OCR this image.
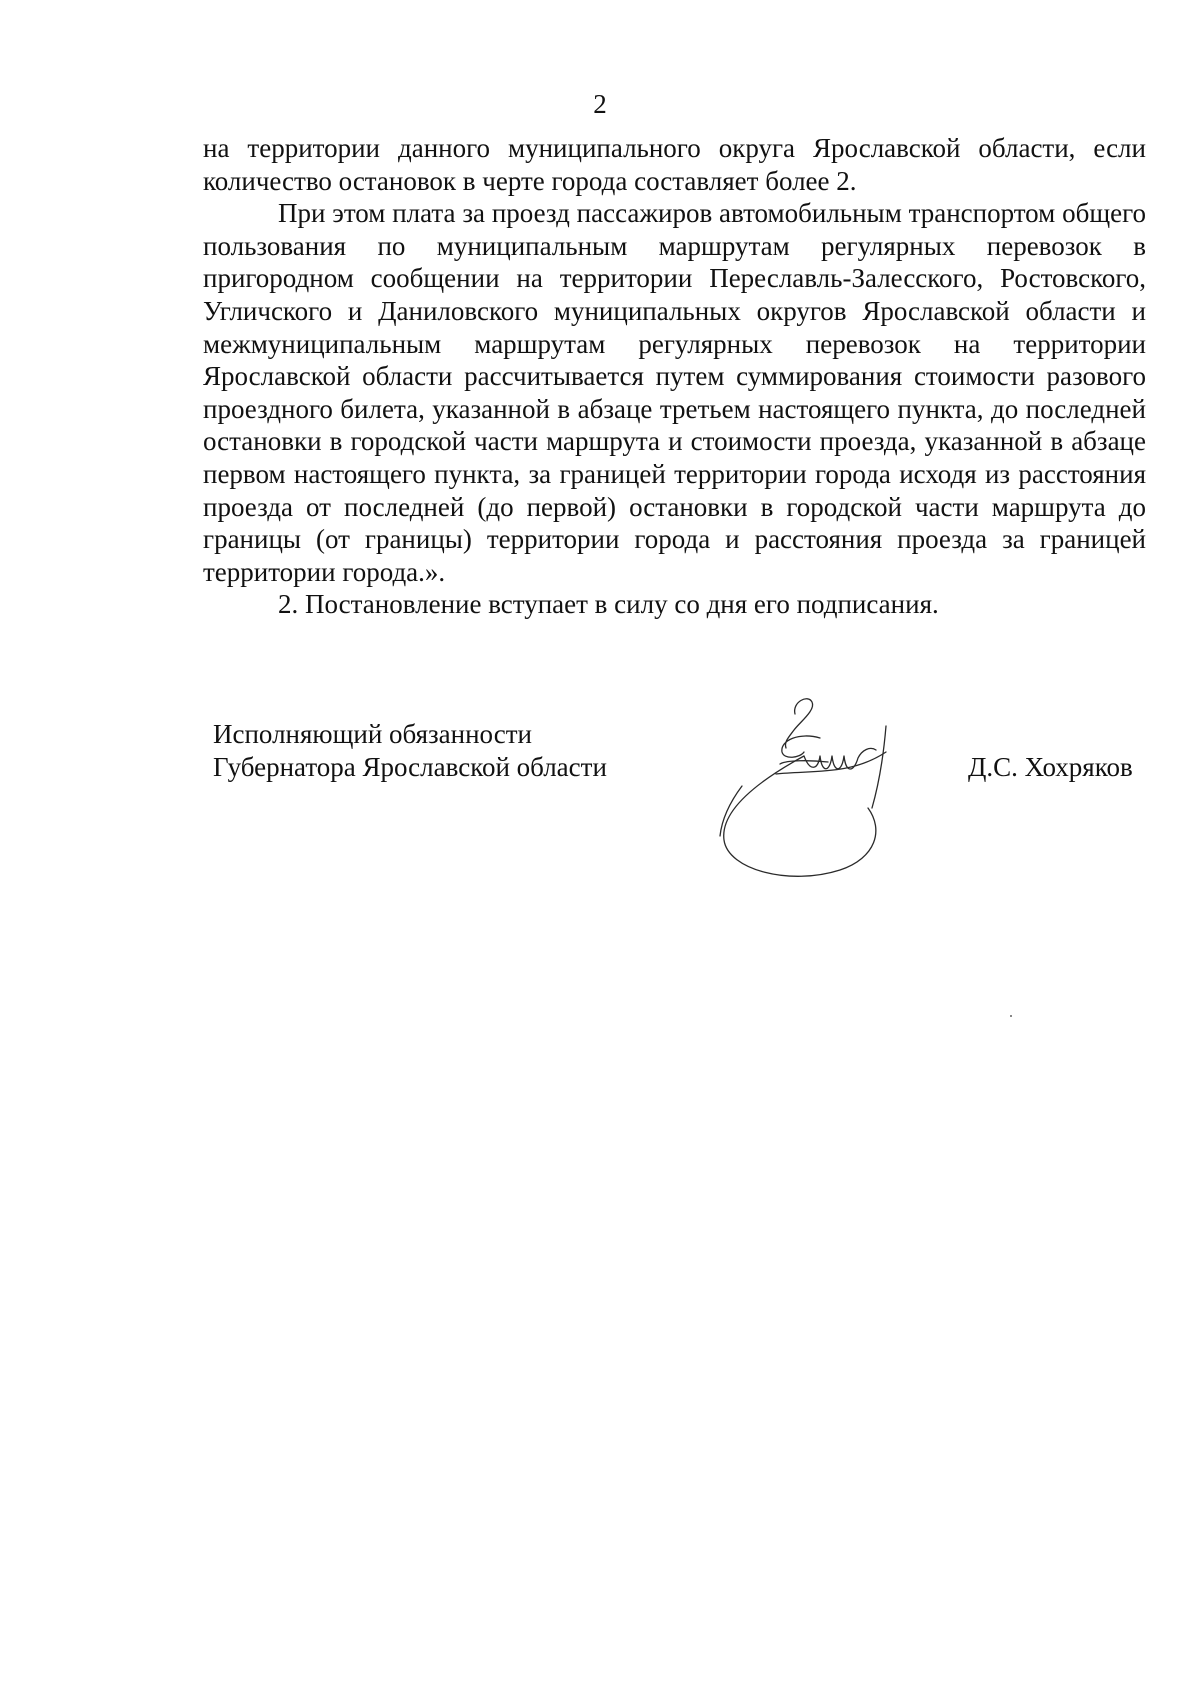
2

на территории данного муниципального округа Ярославской области, если количество остановок в черте города составляет более 2.

При этом плата за проезд пассажиров автомобильным транспортом общего пользования по муниципальным маршрутам регулярных перевозок в пригородном сообщении на территории Переславль-Залесского, Ростовского, Угличского и Даниловского муниципальных округов Ярославской области и межмуниципальным маршрутам регулярных перевозок на территории Ярославской области рассчитывается путем суммирования стоимости разового проездного билета, указанной в абзаце третьем настоящего пункта, до последней остановки в городской части маршрута и стоимости проезда, указанной в абзаце первом настоящего пункта, за границей территории города исходя из расстояния проезда от последней (до первой) остановки в городской части маршрута до границы (от границы) территории города и расстояния проезда за границей территории города.».

2. Постановление вступает в силу со дня его подписания.

Исполняющий обязанности
Губернатора Ярославской области	Д.С. Хохряков
